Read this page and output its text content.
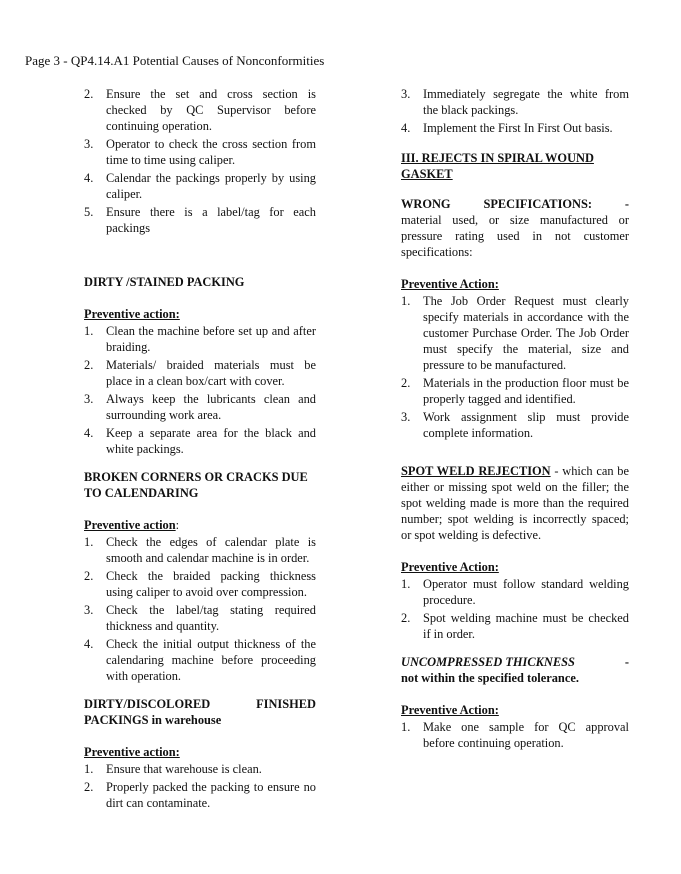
Page 3 - QP4.14.A1 Potential Causes of Nonconformities
2.	Ensure the set and cross section is checked by QC Supervisor before continuing operation.
3.	Operator to check the cross section from time to time using caliper.
4.	Calendar the packings properly by using caliper.
5.	Ensure there is a label/tag for each packings

DIRTY /STAINED PACKING

Preventive action:

1.	Clean the machine before set up and after braiding.
2.	Materials/ braided materials must be place in a clean box/cart with cover.
3.	Always keep the lubricants clean and surrounding work area.
4.	Keep a separate area for the black and white packings.

BROKEN CORNERS OR CRACKS DUE TO CALENDARING

Preventive action:

1.	Check the edges of calendar plate is smooth and calendar machine is in order.
2.	Check the braided packing thickness using caliper to avoid over compression.
3.	Check the label/tag stating required thickness and quantity.
4.	Check the initial output thickness of the calendaring machine before proceeding with operation.
DIRTY/DISCOLORED	FINISHED
PACKINGS in warehouse

Preventive action:

1.	Ensure that warehouse is clean.
2.	Properly packed the packing to ensure no dirt can contaminate.
3.	Immediately segregate the white from the black packings.
4.	Implement the First In First Out basis.

III. REJECTS IN SPIRAL WOUND GASKET

WRONG	SPECIFICATIONS:	-

material used, or size manufactured or pressure rating used in not customer specifications:

Preventive Action:

1.	The Job Order Request must clearly specify materials in accordance with the customer Purchase Order. The Job Order must specify the material, size and pressure to be manufactured.
2.	Materials in the production floor must be properly tagged and identified.
3.	Work assignment slip must provide complete information.

SPOT WELD REJECTION - which can be either or missing spot weld on the filler; the spot welding made is more than the required number; spot welding is incorrectly spaced; or spot welding is defective.

Preventive Action:

1.	Operator must follow standard welding procedure.
2.	Spot welding machine must be checked if in order.
UNCOMPRESSED THICKNESS	-
not within the specified tolerance.

Preventive Action:

1.	Make one sample for QC approval before continuing operation.
